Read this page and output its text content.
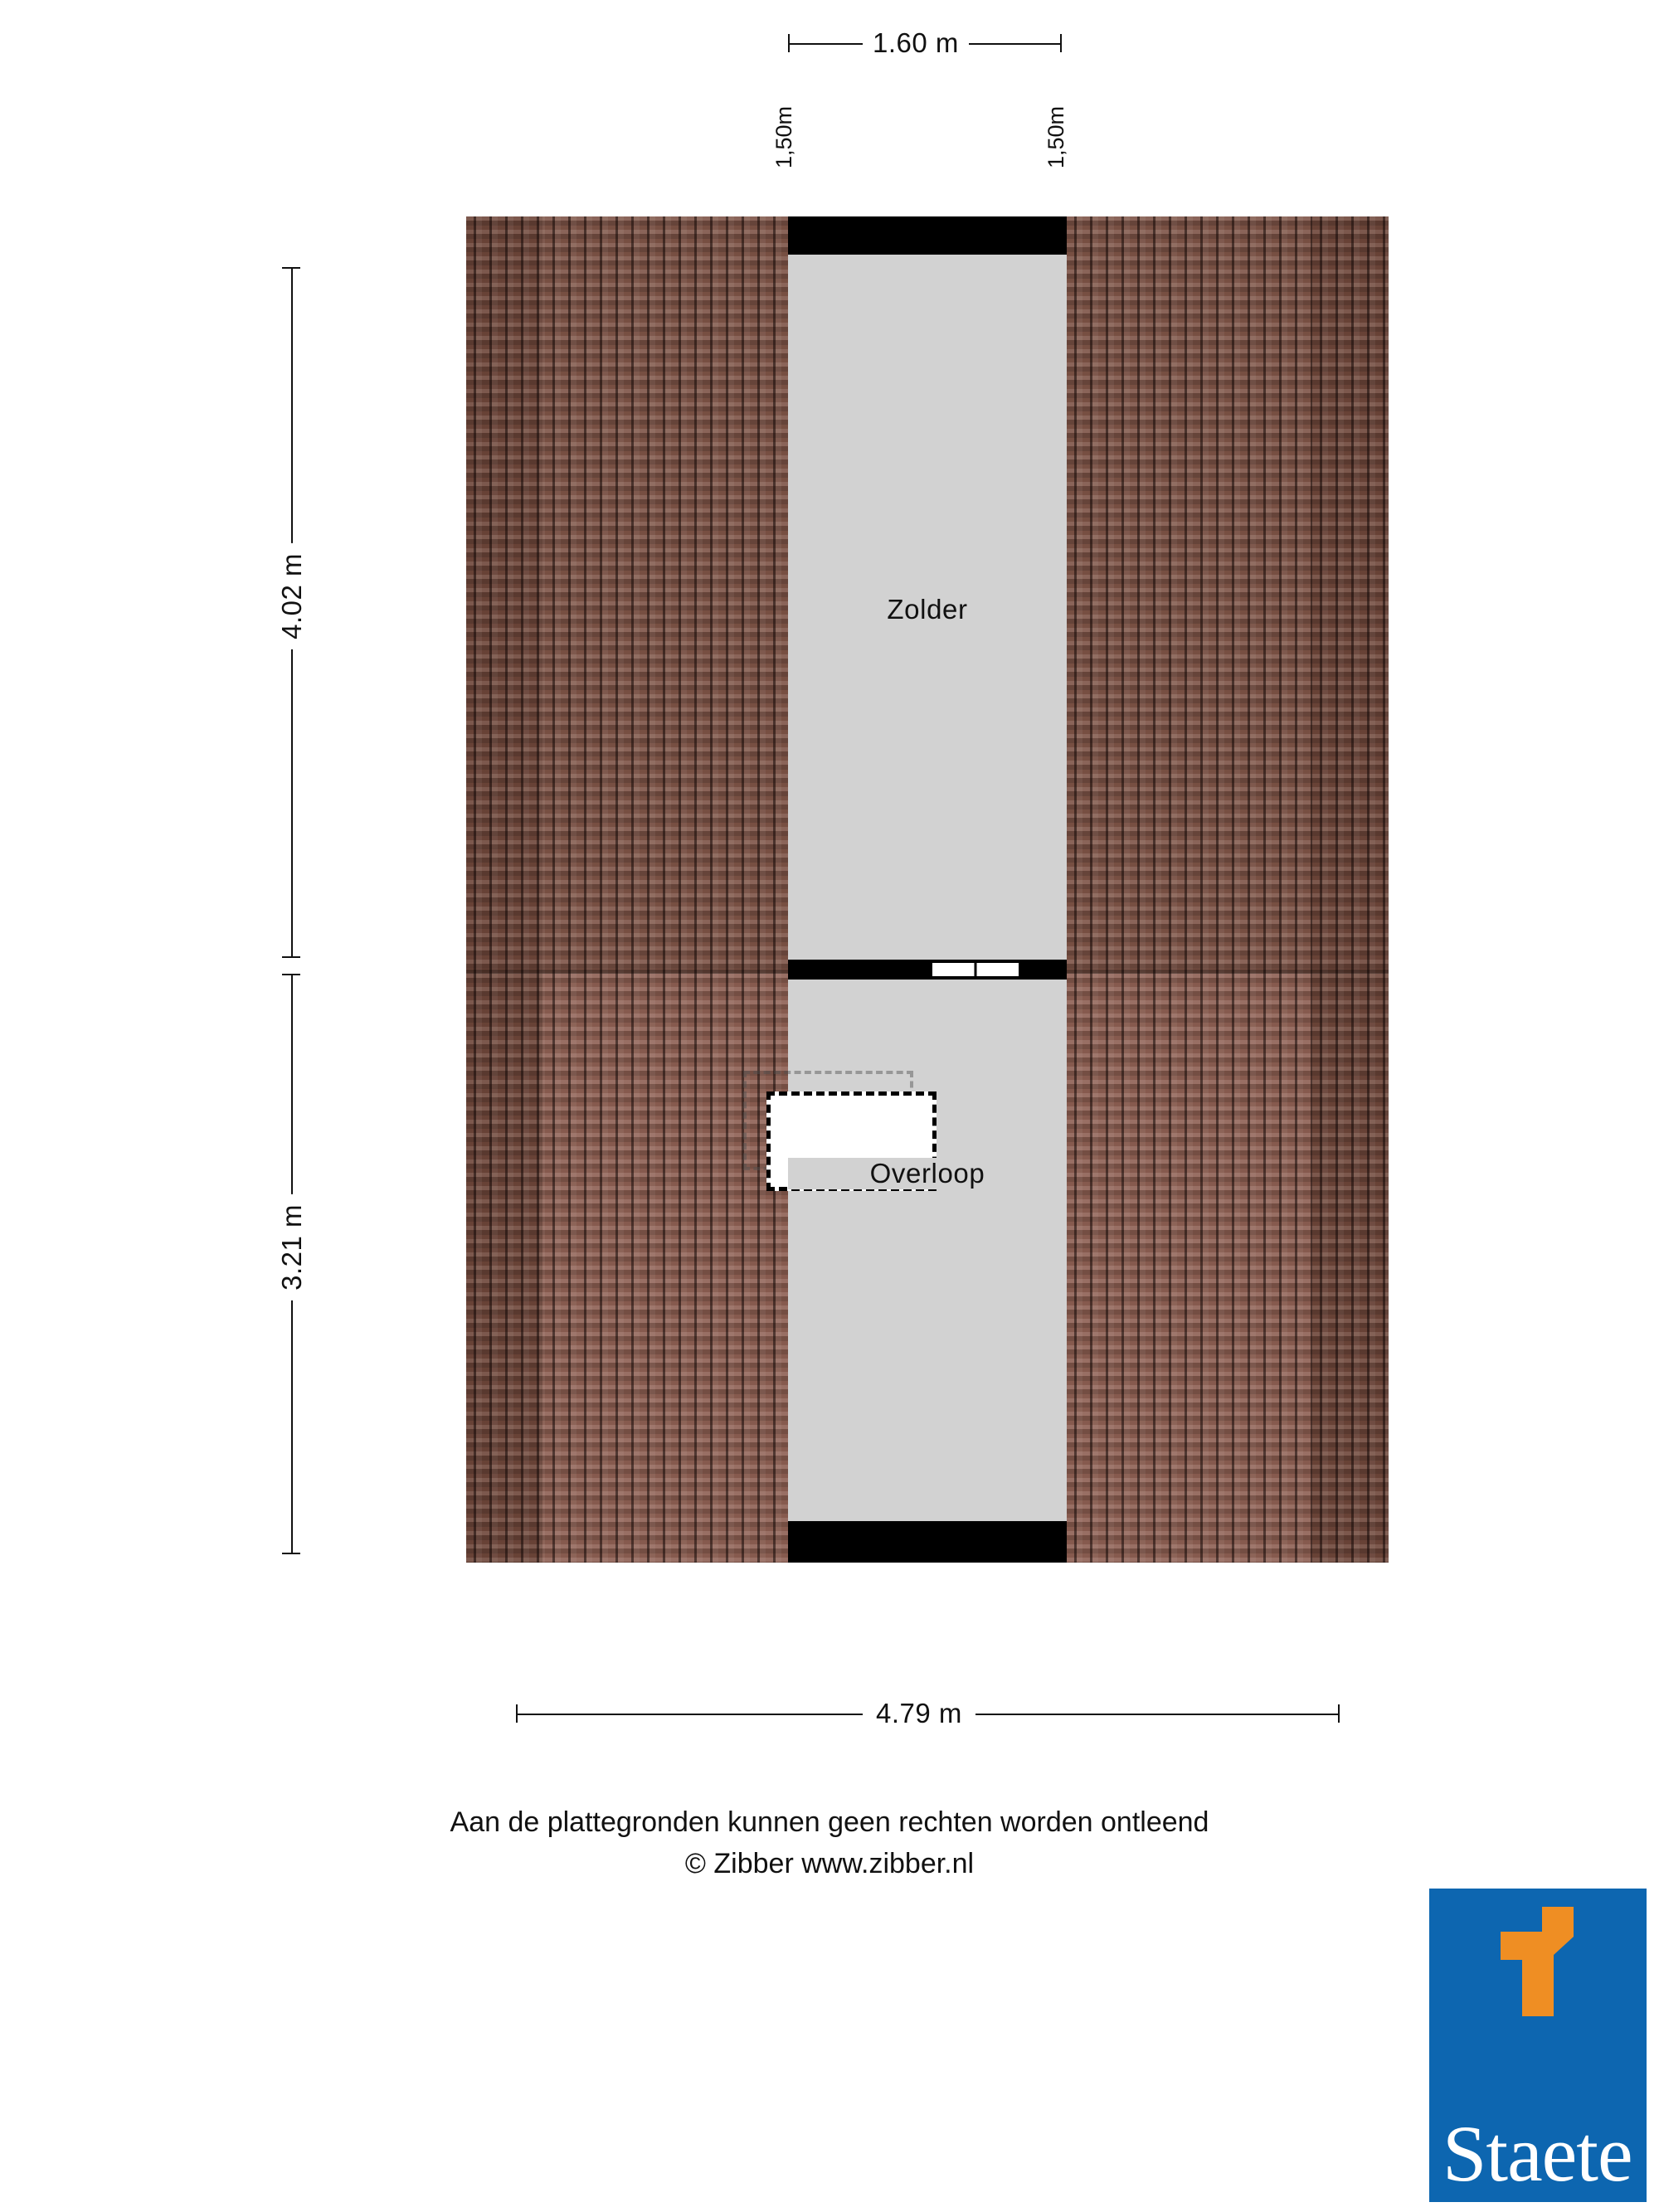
1.60 m
1,50m	1,50m
4.02 m
3.21 m
Zolder
Overloop
4.79 m
Aan de plattegronden kunnen geen rechten worden ontleend
© Zibber www.zibber.nl
Staete
